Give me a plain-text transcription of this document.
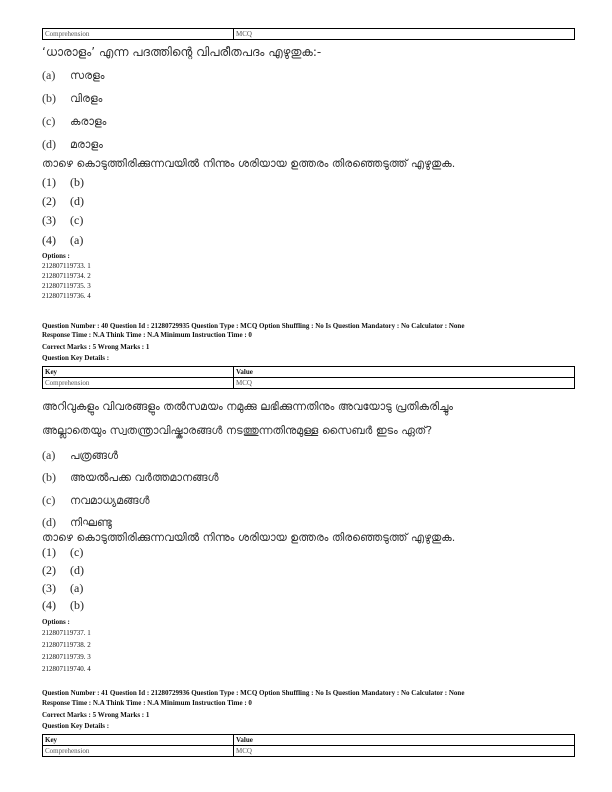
Comprehension	MCQ
‘ധാരാളം’ എന്ന പദത്തിന്റെ വിപരീതപദം എഴുതുക:-
(a) സരളം
(b) വിരളം
(c) കരാളം
(d) മരാളം
താഴെ കൊടുത്തിരിക്കുന്നവയിൽ നിന്നും ശരിയായ ഉത്തരം തിരഞ്ഞെടുത്ത് എഴുതുക.
(1) (b)
(2) (d)
(3) (c)
(4) (a)
Options :
212807119733. 1
212807119734. 2
212807119735. 3
212807119736. 4
Question Number : 40 Question Id : 21280729935 Question Type : MCQ Option Shuffling : No Is Question Mandatory : No Calculator : None
Response Time : N.A Think Time : N.A Minimum Instruction Time : 0
Correct Marks : 5 Wrong Marks : 1
Question Key Details :
Key	Value
Comprehension	MCQ
അറിവുകളും വിവരങ്ങളും തൽസമയം നമുക്കു ലഭിക്കുന്നതിനും അവയോടു പ്രതികരിച്ചും
അല്ലാതെയും സ്വതന്ത്രാവിഷ്കാരങ്ങൾ നടത്തുന്നതിനുമുള്ള സൈബർ ഇടം ഏത്?
(a) പത്രങ്ങൾ
(b) അയൽപക്ക വർത്തമാനങ്ങൾ
(c) നവമാധ്യമങ്ങൾ
(d) നിഘണ്ടു
താഴെ കൊടുത്തിരിക്കുന്നവയിൽ നിന്നും ശരിയായ ഉത്തരം തിരഞ്ഞെടുത്ത് എഴുതുക.
(1) (c)
(2) (d)
(3) (a)
(4) (b)
Options :
212807119737. 1
212807119738. 2
212807119739. 3
212807119740. 4
Question Number : 41 Question Id : 21280729936 Question Type : MCQ Option Shuffling : No Is Question Mandatory : No Calculator : None
Response Time : N.A Think Time : N.A Minimum Instruction Time : 0
Correct Marks : 5 Wrong Marks : 1
Question Key Details :
Key	Value
Comprehension	MCQ
